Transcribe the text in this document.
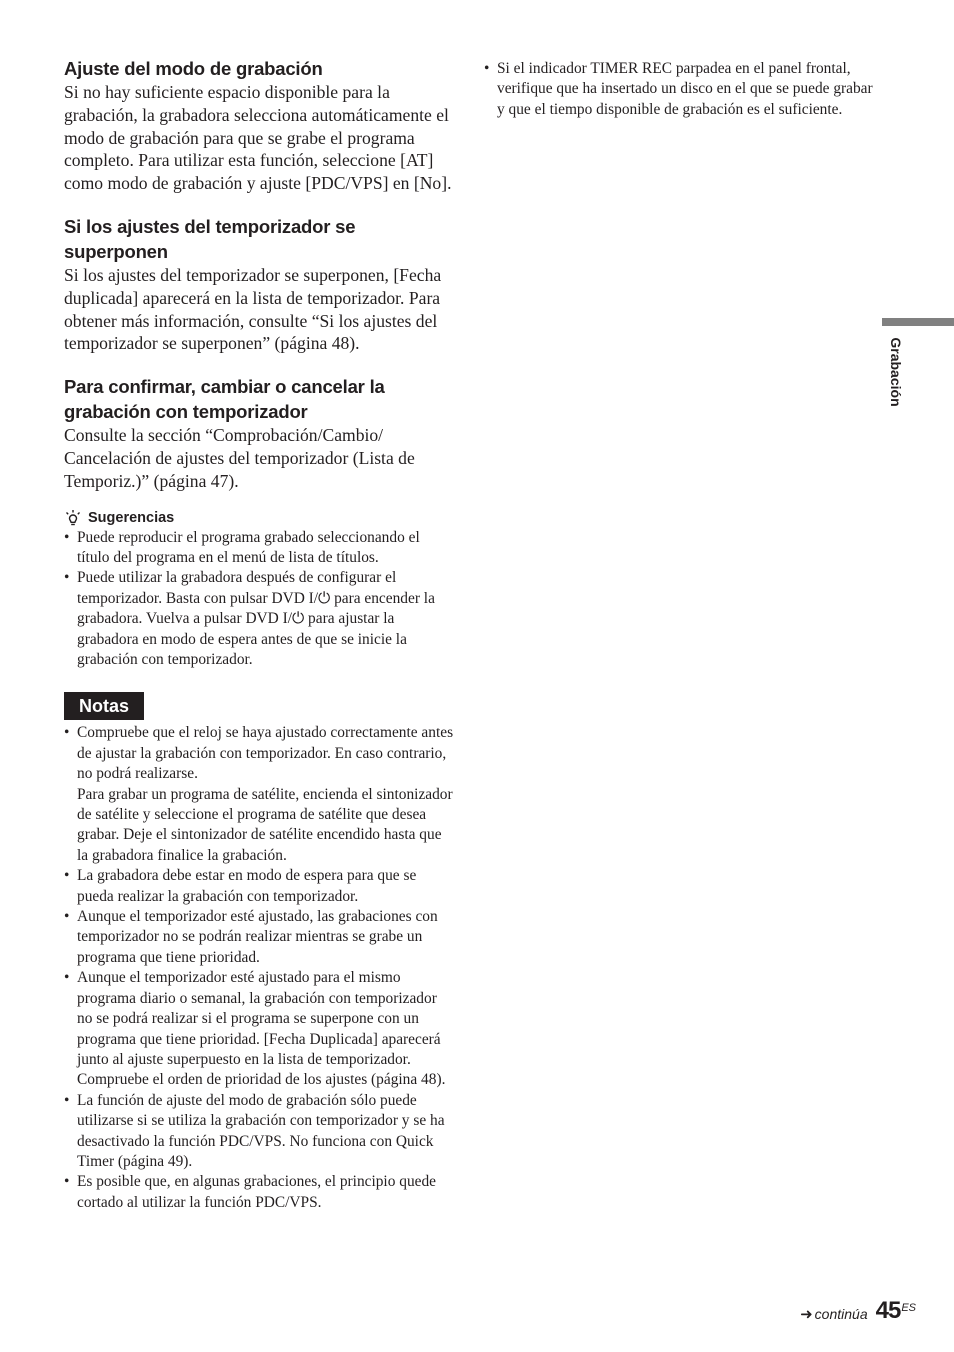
Ajuste del modo de grabación

Si no hay suficiente espacio disponible para la grabación, la grabadora selecciona automáticamente el modo de grabación para que se grabe el programa completo. Para utilizar esta función, seleccione [AT] como modo de grabación y ajuste [PDC/VPS] en [No].

Si los ajustes del temporizador se superponen

Si los ajustes del temporizador se superponen, [Fecha duplicada] aparecerá en la lista de temporizador. Para obtener más información, consulte “Si los ajustes del temporizador se superponen” (página 48).

Para confirmar, cambiar o cancelar la grabación con temporizador

Consulte la sección “Comprobación/Cambio/ Cancelación de ajustes del temporizador (Lista de Temporiz.)” (página 47).

Sugerencias
• Puede reproducir el programa grabado seleccionando el título del programa en el menú de lista de títulos.
• Puede utilizar la grabadora después de configurar el temporizador. Basta con pulsar DVD I/⏻ para encender la grabadora. Vuelva a pulsar DVD I/⏻ para ajustar la grabadora en modo de espera antes de que se inicie la grabación con temporizador.
Notas
• Compruebe que el reloj se haya ajustado correctamente antes de ajustar la grabación con temporizador. En caso contrario, no podrá realizarse.
Para grabar un programa de satélite, encienda el sintonizador de satélite y seleccione el programa de satélite que desea grabar. Deje el sintonizador de satélite encendido hasta que la grabadora finalice la grabación.
• La grabadora debe estar en modo de espera para que se pueda realizar la grabación con temporizador.
• Aunque el temporizador esté ajustado, las grabaciones con temporizador no se podrán realizar mientras se grabe un programa que tiene prioridad.
• Aunque el temporizador esté ajustado para el mismo programa diario o semanal, la grabación con temporizador no se podrá realizar si el programa se superpone con un programa que tiene prioridad. [Fecha Duplicada] aparecerá junto al ajuste superpuesto en la lista de temporizador. Compruebe el orden de prioridad de los ajustes (página 48).
• La función de ajuste del modo de grabación sólo puede utilizarse si se utiliza la grabación con temporizador y se ha desactivado la función PDC/VPS. No funciona con Quick Timer (página 49).
• Es posible que, en algunas grabaciones, el principio quede cortado al utilizar la función PDC/VPS.
• Si el indicador TIMER REC parpadea en el panel frontal, verifique que ha insertado un disco en el que se puede grabar y que el tiempo disponible de grabación es el suficiente.
Grabación
➜ continúa 45 ES
